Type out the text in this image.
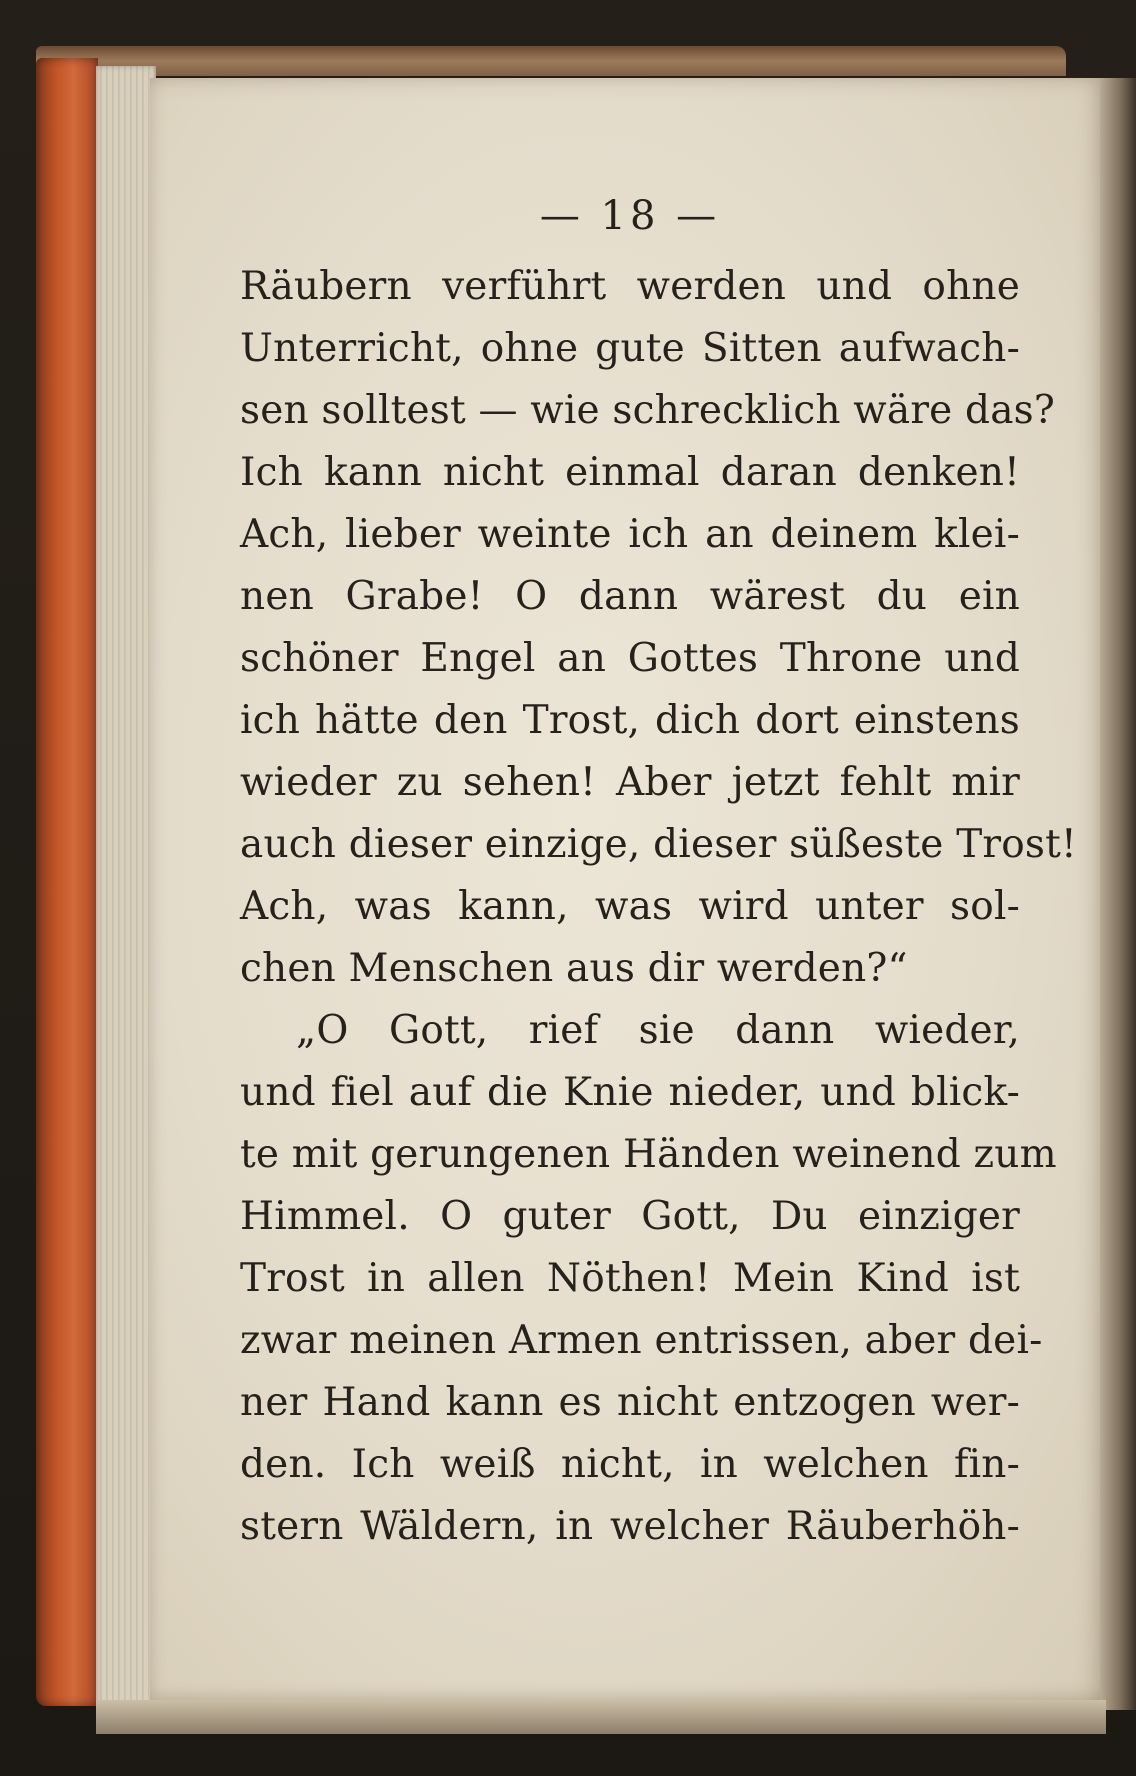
— 18 —
Räubern verführt werden und ohne
Unterricht, ohne gute Sitten aufwach-
sen solltest — wie schrecklich wäre das?
Ich kann nicht einmal daran denken!
Ach, lieber weinte ich an deinem klei-
nen Grabe! O dann wärest du ein
schöner Engel an Gottes Throne und
ich hätte den Trost, dich dort einstens
wieder zu sehen! Aber jetzt fehlt mir
auch dieser einzige, dieser süßeste Trost!
Ach, was kann, was wird unter sol-
chen Menschen aus dir werden?“
„O Gott, rief sie dann wieder,
und fiel auf die Knie nieder, und blick-
te mit gerungenen Händen weinend zum
Himmel. O guter Gott, Du einziger
Trost in allen Nöthen! Mein Kind ist
zwar meinen Armen entrissen, aber dei-
ner Hand kann es nicht entzogen wer-
den. Ich weiß nicht, in welchen fin-
stern Wäldern, in welcher Räuberhöh-
